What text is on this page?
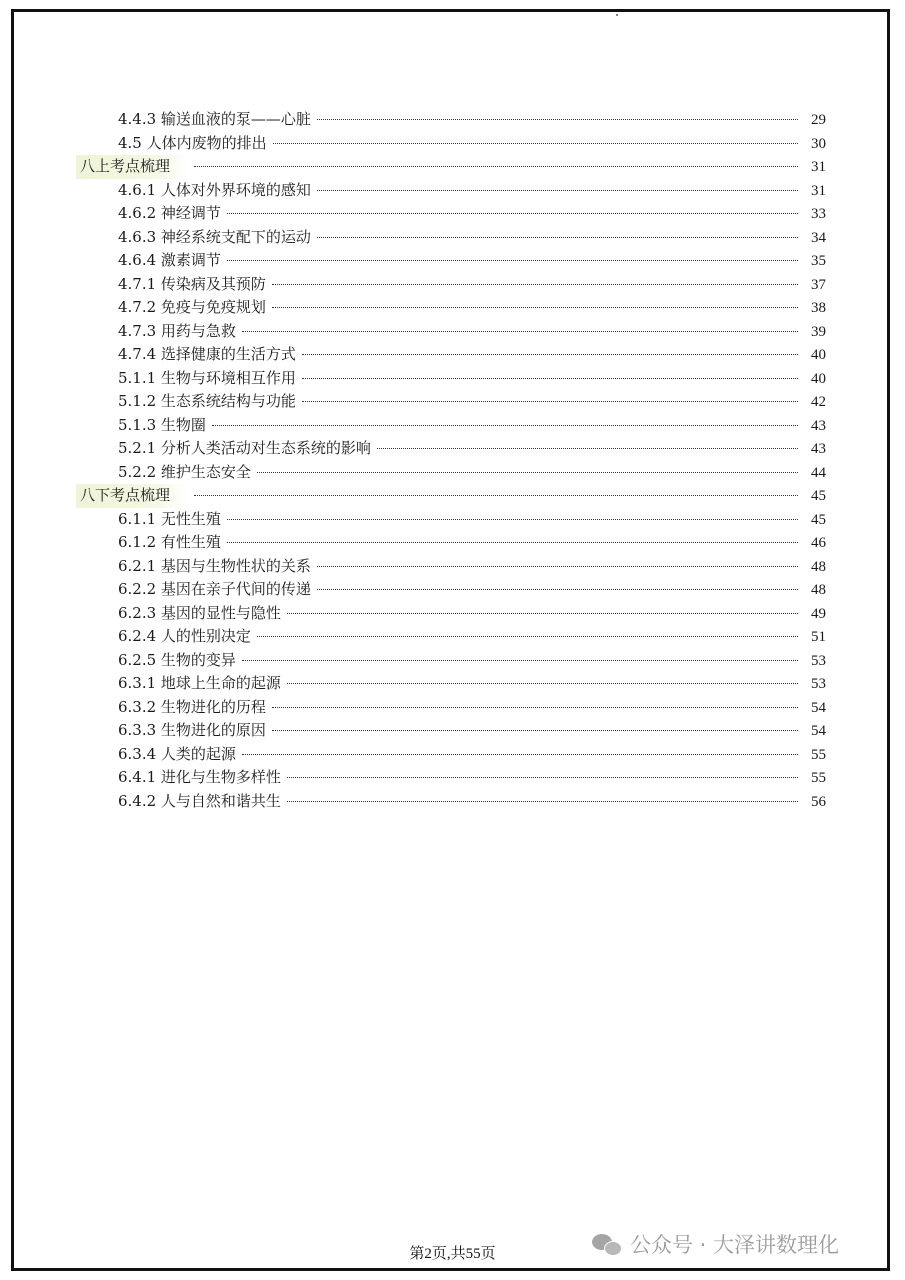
4.4.3 输送血液的泵——心脏	29
4.5 人体内废物的排出	30
八上考点梳理	31
4.6.1 人体对外界环境的感知	31
4.6.2 神经调节	33
4.6.3 神经系统支配下的运动	34
4.6.4 激素调节	35
4.7.1 传染病及其预防	37
4.7.2 免疫与免疫规划	38
4.7.3 用药与急救	39
4.7.4 选择健康的生活方式	40
5.1.1 生物与环境相互作用	40
5.1.2 生态系统结构与功能	42
5.1.3 生物圈	43
5.2.1 分析人类活动对生态系统的影响	43
5.2.2 维护生态安全	44
八下考点梳理	45
6.1.1 无性生殖	45
6.1.2 有性生殖	46
6.2.1 基因与生物性状的关系	48
6.2.2 基因在亲子代间的传递	48
6.2.3 基因的显性与隐性	49
6.2.4 人的性别决定	51
6.2.5 生物的变异	53
6.3.1 地球上生命的起源	53
6.3.2 生物进化的历程	54
6.3.3 生物进化的原因	54
6.3.4 人类的起源	55
6.4.1 进化与生物多样性	55
6.4.2 人与自然和谐共生	56
第2页,共55页	公众号 · 大泽讲数理化
